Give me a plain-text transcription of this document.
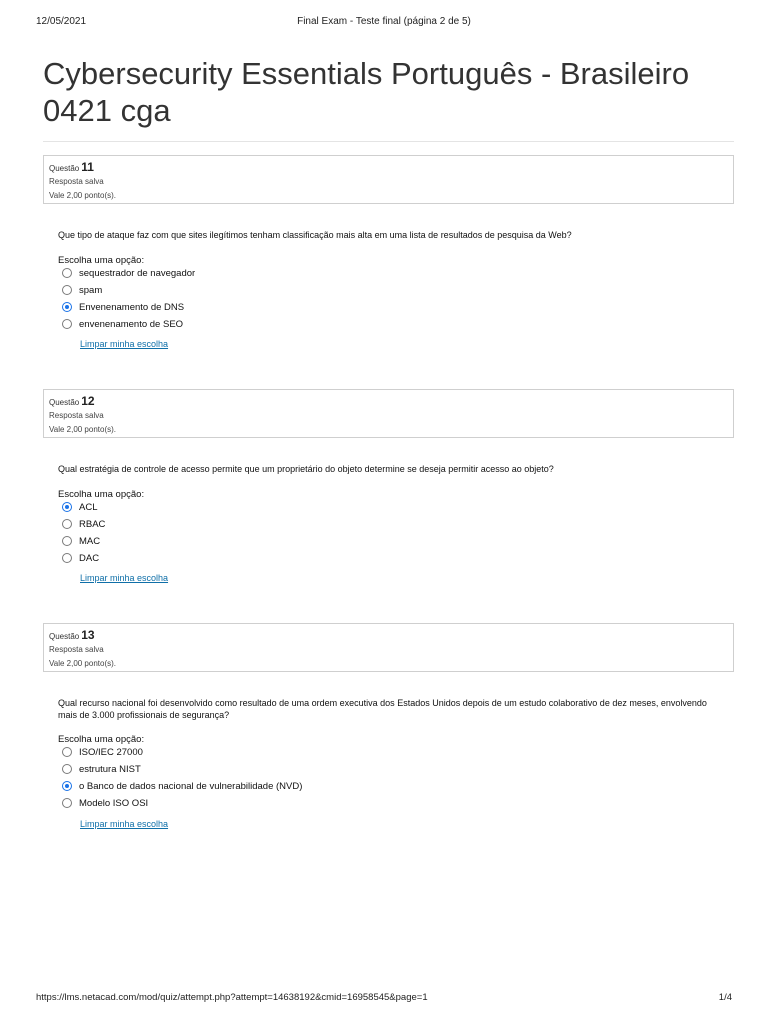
12/05/2021	Final Exam - Teste final (página 2 de 5)
Cybersecurity Essentials Português - Brasileiro 0421 cga
Questão 11
Resposta salva
Vale 2,00 ponto(s).
Que tipo de ataque faz com que sites ilegítimos tenham classificação mais alta em uma lista de resultados de pesquisa da Web?
Escolha uma opção:
sequestrador de navegador
spam
Envenenamento de DNS
envenenamento de SEO
Limpar minha escolha
Questão 12
Resposta salva
Vale 2,00 ponto(s).
Qual estratégia de controle de acesso permite que um proprietário do objeto determine se deseja permitir acesso ao objeto?
Escolha uma opção:
ACL
RBAC
MAC
DAC
Limpar minha escolha
Questão 13
Resposta salva
Vale 2,00 ponto(s).
Qual recurso nacional foi desenvolvido como resultado de uma ordem executiva dos Estados Unidos depois de um estudo colaborativo de dez meses, envolvendo mais de 3.000 profissionais de segurança?
Escolha uma opção:
ISO/IEC 27000
estrutura NIST
o Banco de dados nacional de vulnerabilidade (NVD)
Modelo ISO OSI
Limpar minha escolha
https://lms.netacad.com/mod/quiz/attempt.php?attempt=14638192&cmid=16958545&page=1	1/4
